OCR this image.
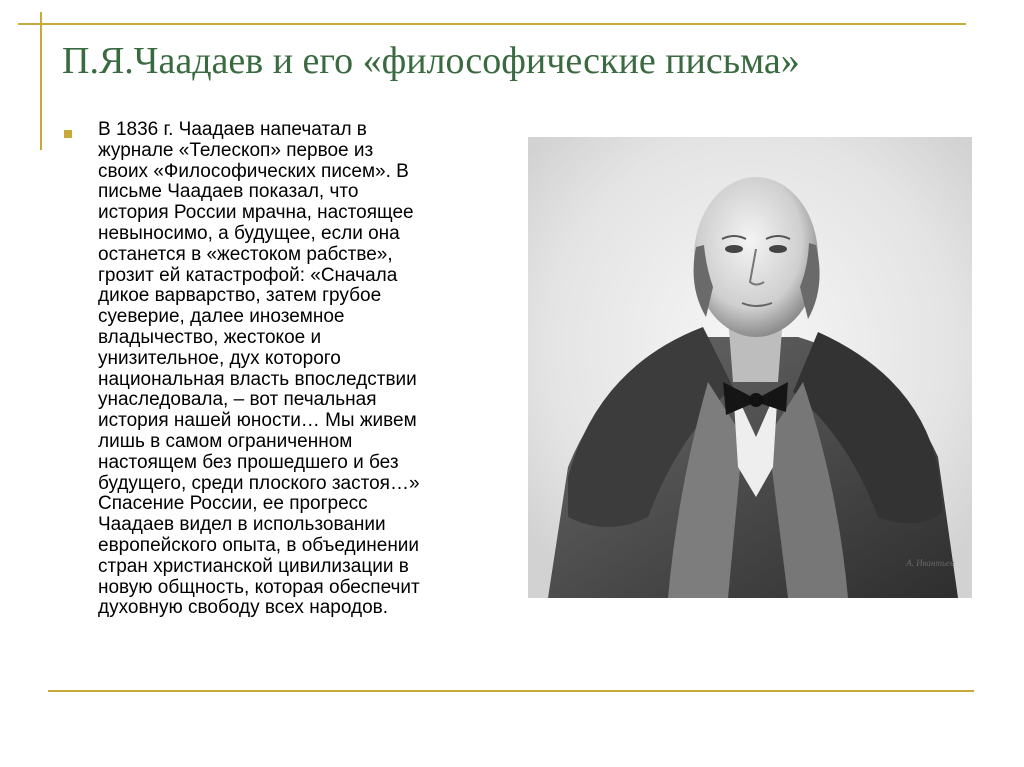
П.Я.Чаадаев и его «философические письма»
В 1836 г. Чаадаев напечатал в
журнале «Телескоп» первое из
своих «Философических писем». В
письме Чаадаев показал, что
история России мрачна, настоящее
невыносимо, а будущее, если она
останется в «жестоком рабстве»,
грозит ей катастрофой: «Сначала
дикое варварство, затем грубое
суеверие, далее иноземное
владычество, жестокое и
унизительное, дух которого
национальная власть впоследствии
унаследовала, – вот печальная
история нашей юности… Мы живем
лишь в самом ограниченном
настоящем без прошедшего и без
будущего, среди плоского застоя…»
Спасение России, ее прогресс
Чаадаев видел в использовании
европейского опыта, в объединении
стран христианской цивилизации в
новую общность, которая обеспечит
духовную свободу всех народов.
А. Ивантьев
